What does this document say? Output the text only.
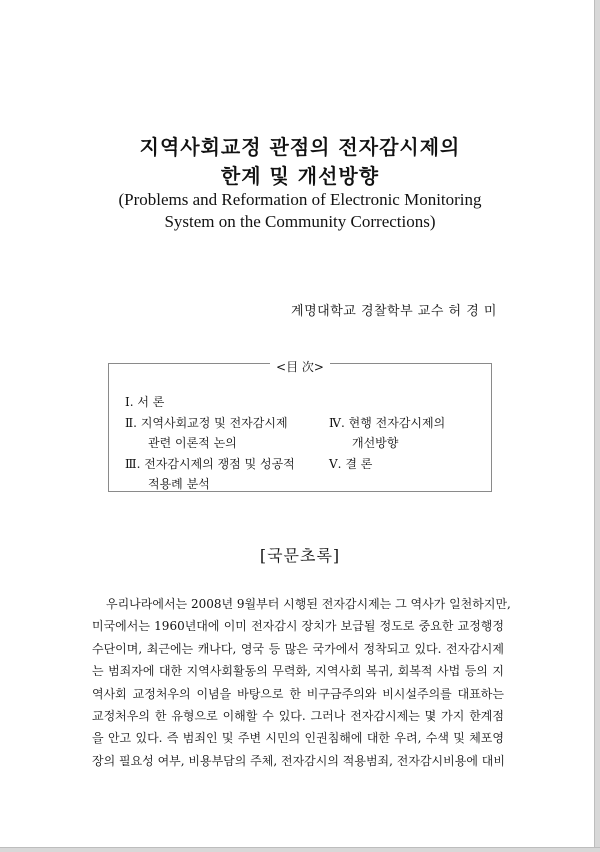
지역사회교정 관점의 전자감시제의
한계 및 개선방향
(Problems and Reformation of Electronic Monitoring
System on the Community Corrections)
계명대학교 경찰학부 교수 허 경 미
<目 次>
Ⅰ. 서 론
Ⅱ. 지역사회교정 및 전자감시제
관련 이론적 논의
Ⅲ. 전자감시제의 쟁점 및 성공적
적용례 분석
Ⅳ. 현행 전자감시제의
개선방향
Ⅴ. 결 론
[국문초록]
우리나라에서는 2008년 9월부터 시행된 전자감시제는 그 역사가 일천하지만,
미국에서는 1960년대에 이미 전자감시 장치가 보급될 정도로 중요한 교정행정
수단이며, 최근에는 캐나다, 영국 등 많은 국가에서 정착되고 있다. 전자감시제
는 범죄자에 대한 지역사회활동의 무력화, 지역사회 복귀, 회복적 사법 등의 지
역사회 교정처우의 이념을 바탕으로 한 비구금주의와 비시설주의를 대표하는
교정처우의 한 유형으로 이해할 수 있다. 그러나 전자감시제는 몇 가지 한계점
을 안고 있다. 즉 범죄인 및 주변 시민의 인권침해에 대한 우려, 수색 및 체포영
장의 필요성 여부, 비용부담의 주체, 전자감시의 적용범죄, 전자감시비용에 대비
